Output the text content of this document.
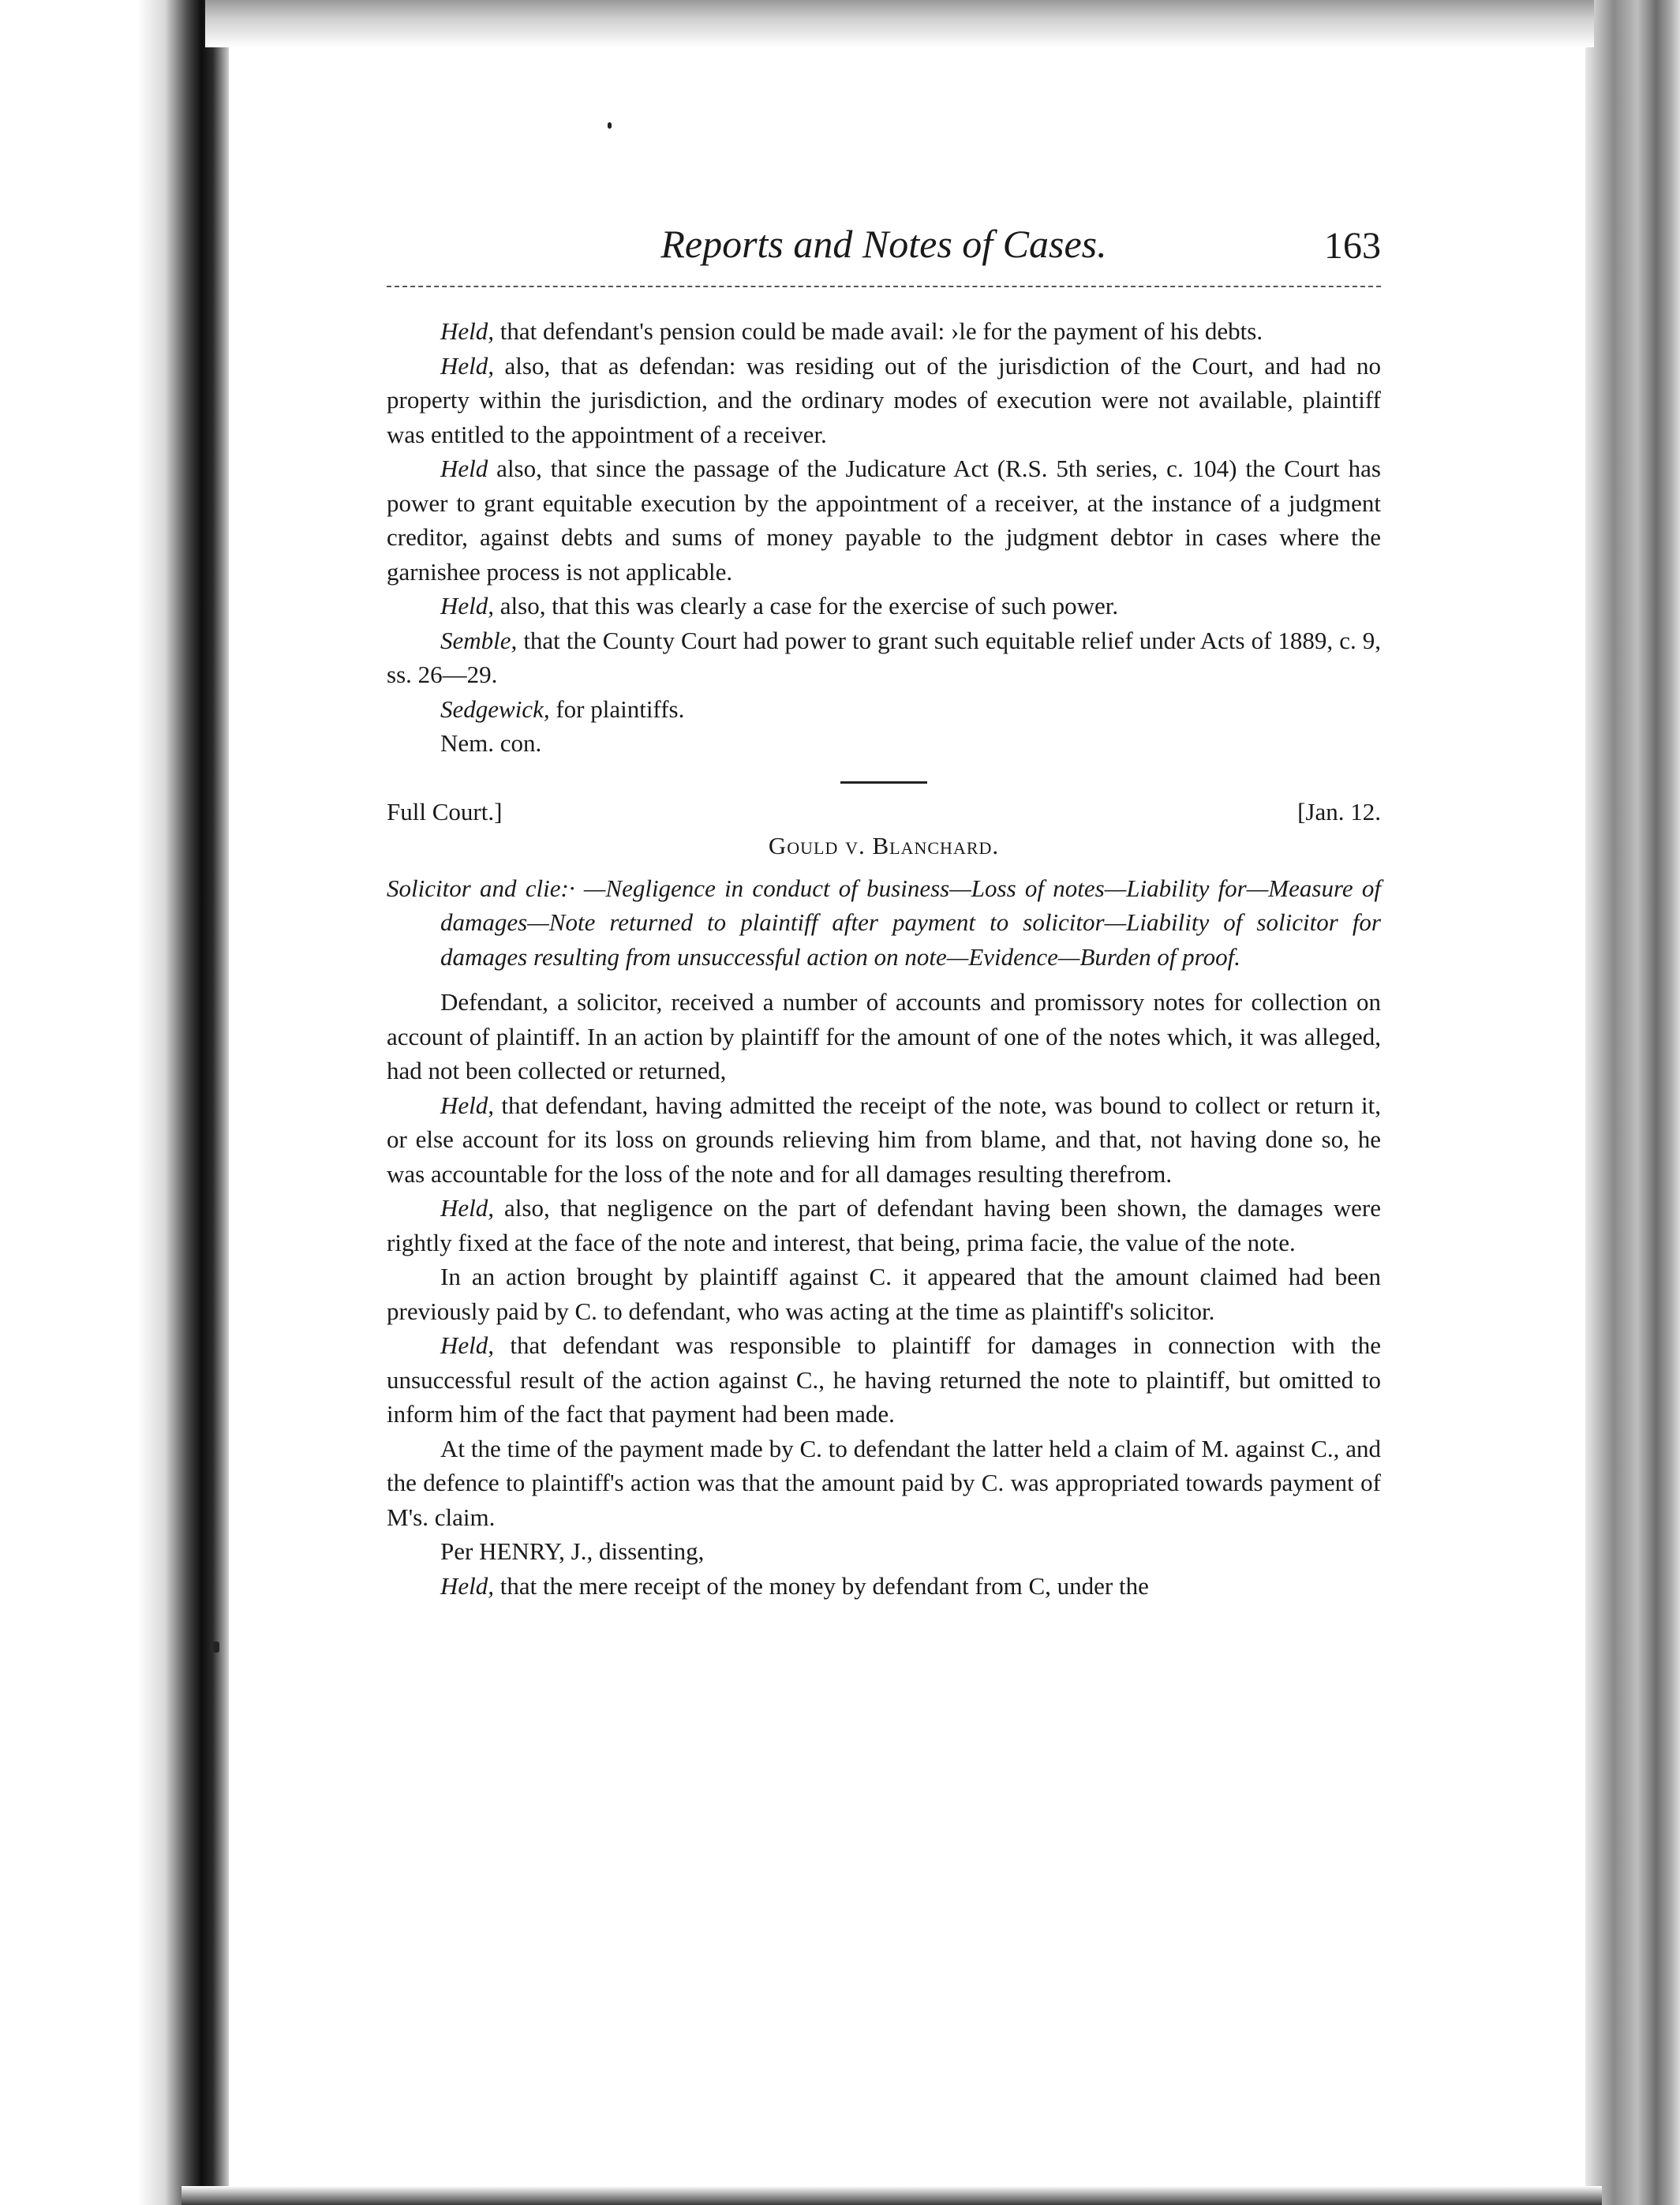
Reports and Notes of Cases.	163

Held, that defendant's pension could be made avail: ›le for the payment of his debts.

Held, also, that as defendan: was residing out of the jurisdiction of the Court, and had no property within the jurisdiction, and the ordinary modes of execution were not available, plaintiff was entitled to the appointment of a receiver.

Held also, that since the passage of the Judicature Act (R.S. 5th series, c. 104) the Court has power to grant equitable execution by the appointment of a receiver, at the instance of a judgment creditor, against debts and sums of money payable to the judgment debtor in cases where the garnishee process is not applicable.

Held, also, that this was clearly a case for the exercise of such power.

Semble, that the County Court had power to grant such equitable relief under Acts of 1889, c. 9, ss. 26—29.

Sedgewick, for plaintiffs.

Nem. con.

Full Court.]	[Jan. 12.
Gould v. Blanchard.
Solicitor and clie:· —Negligence in conduct of business—Loss of notes—Liability for—Measure of damages—Note returned to plaintiff after payment to solicitor—Liability of solicitor for damages resulting from unsuccessful action on note—Evidence—Burden of proof.

Defendant, a solicitor, received a number of accounts and promissory notes for collection on account of plaintiff. In an action by plaintiff for the amount of one of the notes which, it was alleged, had not been collected or returned,

Held, that defendant, having admitted the receipt of the note, was bound to collect or return it, or else account for its loss on grounds relieving him from blame, and that, not having done so, he was accountable for the loss of the note and for all damages resulting therefrom.

Held, also, that negligence on the part of defendant having been shown, the damages were rightly fixed at the face of the note and interest, that being, prima facie, the value of the note.

In an action brought by plaintiff against C. it appeared that the amount claimed had been previously paid by C. to defendant, who was acting at the time as plaintiff's solicitor.

Held, that defendant was responsible to plaintiff for damages in connection with the unsuccessful result of the action against C., he having returned the note to plaintiff, but omitted to inform him of the fact that payment had been made.

At the time of the payment made by C. to defendant the latter held a claim of M. against C., and the defence to plaintiff's action was that the amount paid by C. was appropriated towards payment of M's. claim.

Per HENRY, J., dissenting,

Held, that the mere receipt of the money by defendant from C, under the
